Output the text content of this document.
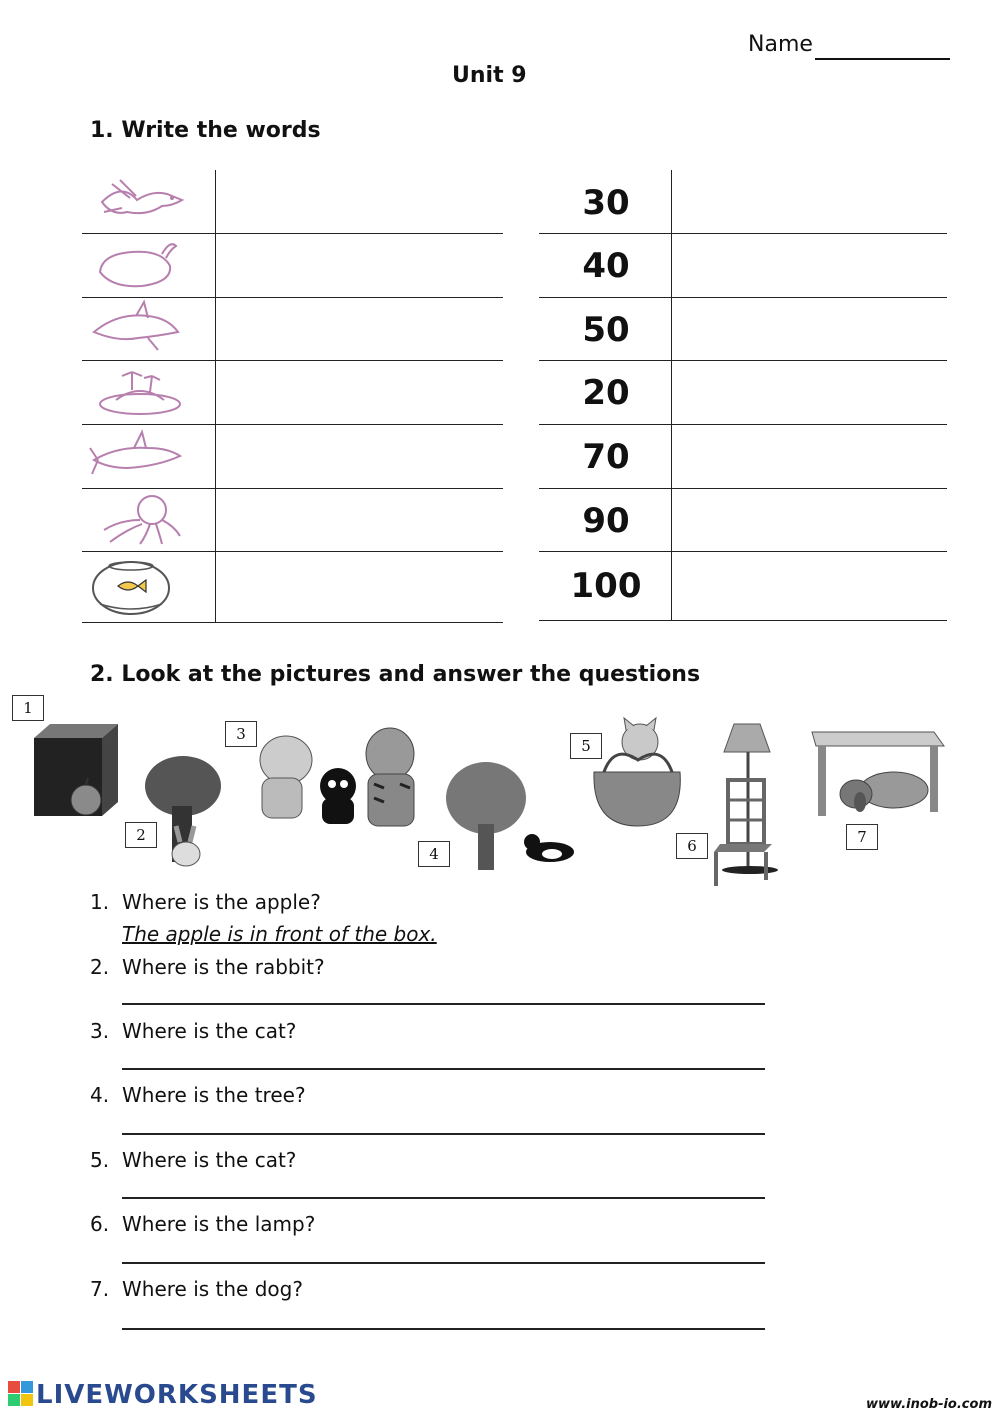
Name
Unit 9
1. Write the words
30
40
50
20
70
90
100
2. Look at the pictures and answer the questions
1
2
3
4
5
6	7
1. Where is the apple?
The apple is in front of the box.
2. Where is the rabbit?
3. Where is the cat?
4. Where is the tree?
5. Where is the cat?
6. Where is the lamp?
7. Where is the dog?
LIVEWORKSHEETS	www.inob-io.com
